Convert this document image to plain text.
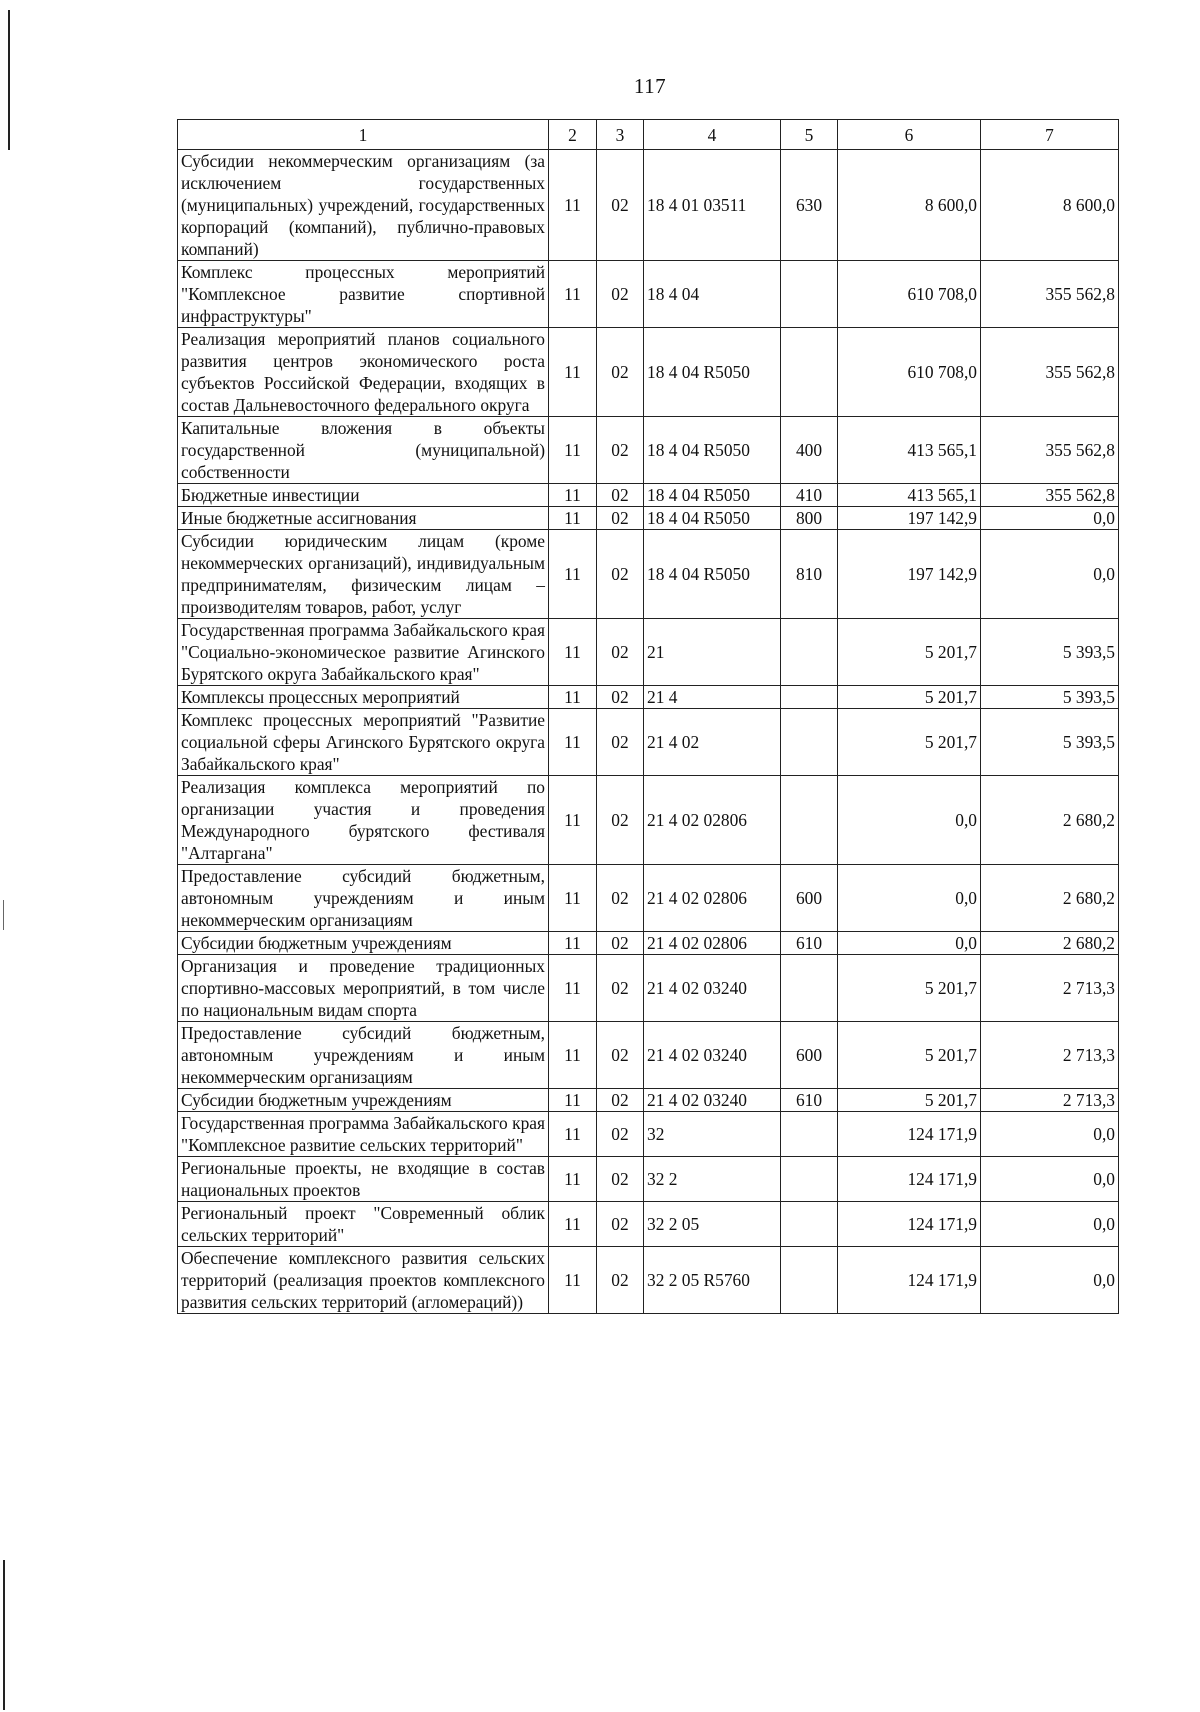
117
1	2	3	4	5	6	7
Субсидии некоммерческим организациям (за исключением государственных (муниципальных) учреждений, государственных корпораций (компаний), публично-правовых компаний)	11	02	18 4 01 03511	630	8 600,0	8 600,0
Комплекс процессных мероприятий "Комплексное развитие спортивной инфраструктуры"	11	02	18 4 04		610 708,0	355 562,8
Реализация мероприятий планов социального развития центров экономического роста субъектов Российской Федерации, входящих в состав Дальневосточного федерального округа	11	02	18 4 04 R5050		610 708,0	355 562,8
Капитальные вложения в объекты государственной (муниципальной) собственности	11	02	18 4 04 R5050	400	413 565,1	355 562,8
Бюджетные инвестиции	11	02	18 4 04 R5050	410	413 565,1	355 562,8
Иные бюджетные ассигнования	11	02	18 4 04 R5050	800	197 142,9	0,0
Субсидии юридическим лицам (кроме некоммерческих организаций), индивидуальным предпринимателям, физическим лицам – производителям товаров, работ, услуг	11	02	18 4 04 R5050	810	197 142,9	0,0
Государственная программа Забайкальского края "Социально-экономическое развитие Агинского Бурятского округа Забайкальского края"	11	02	21		5 201,7	5 393,5
Комплексы процессных мероприятий	11	02	21 4		5 201,7	5 393,5
Комплекс процессных мероприятий "Развитие социальной сферы Агинского Бурятского округа Забайкальского края"	11	02	21 4 02		5 201,7	5 393,5
Реализация комплекса мероприятий по организации участия и проведения Международного бурятского фестиваля "Алтаргана"	11	02	21 4 02 02806		0,0	2 680,2
Предоставление субсидий бюджетным, автономным учреждениям и иным некоммерческим организациям	11	02	21 4 02 02806	600	0,0	2 680,2
Субсидии бюджетным учреждениям	11	02	21 4 02 02806	610	0,0	2 680,2
Организация и проведение традиционных спортивно-массовых мероприятий, в том числе по национальным видам спорта	11	02	21 4 02 03240		5 201,7	2 713,3
Предоставление субсидий бюджетным, автономным учреждениям и иным некоммерческим организациям	11	02	21 4 02 03240	600	5 201,7	2 713,3
Субсидии бюджетным учреждениям	11	02	21 4 02 03240	610	5 201,7	2 713,3
Государственная программа Забайкальского края "Комплексное развитие сельских территорий"	11	02	32		124 171,9	0,0
Региональные проекты, не входящие в состав национальных проектов	11	02	32 2		124 171,9	0,0
Региональный проект "Современный облик сельских территорий"	11	02	32 2 05		124 171,9	0,0
Обеспечение комплексного развития сельских территорий (реализация проектов комплексного развития сельских территорий (агломераций))	11	02	32 2 05 R5760		124 171,9	0,0
